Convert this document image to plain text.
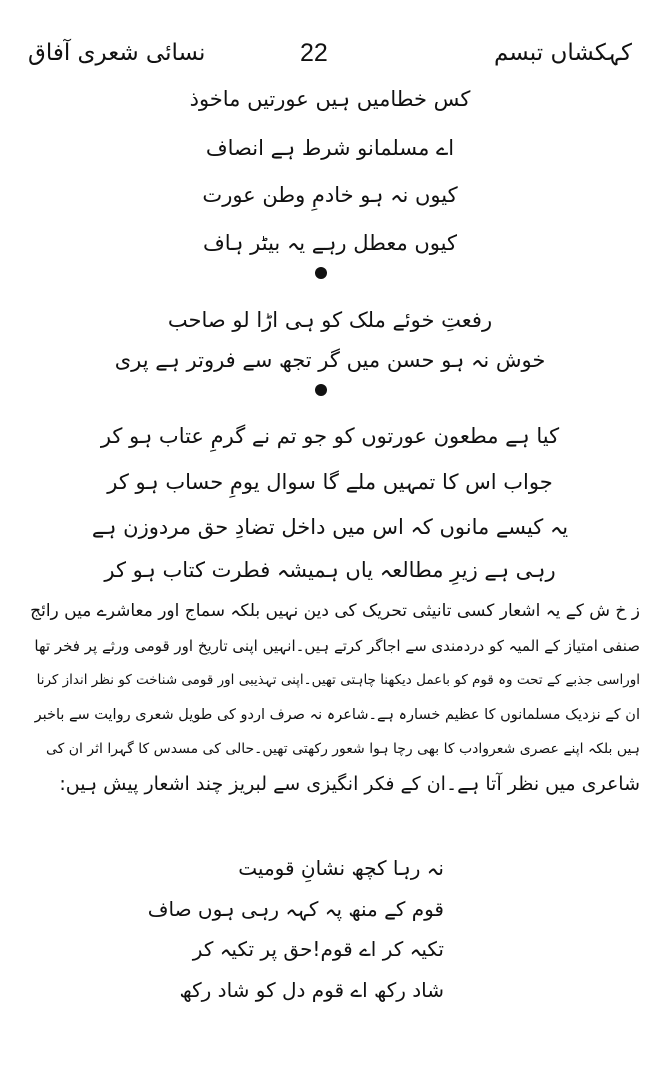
کہکشاں تبسم
22
نسائی شعری آفاق
کس خطامیں ہیں عورتیں ماخوذ
اے مسلمانو شرط ہے انصاف
کیوں نہ ہو خادمِ وطن عورت
کیوں معطل رہے یہ بیٹر ہاف
رفعتِ خوئے ملک کو ہی اڑا لو صاحب
خوش نہ ہو حسن میں گر تجھ سے فروتر ہے پری
کیا ہے مطعون عورتوں کو جو تم نے گرمِ عتاب ہو کر
جواب اس کا تمہیں ملے گا سوال یومِ حساب ہو کر
یہ کیسے مانوں کہ اس میں داخل تضادِ حق مردوزن ہے
رہی ہے زیرِ مطالعہ یاں ہمیشہ فطرت کتاب ہو کر
ز خ ش کے یہ اشعار کسی تانیثی تحریک کی دین نہیں بلکہ سماج اور معاشرے میں رائج
صنفی امتیاز کے المیہ کو دردمندی سے اجاگر کرتے ہیں۔انہیں اپنی تاریخ اور قومی ورثے پر فخر تھا
اوراسی جذبے کے تحت وہ قوم کو باعمل دیکھنا چاہتی تھیں۔اپنی تہذیبی اور قومی شناخت کو نظر انداز کرنا
ان کے نزدیک مسلمانوں کا عظیم خسارہ ہے۔شاعرہ نہ صرف اردو کی طویل شعری روایت سے باخبر
ہیں بلکہ اپنے عصری شعروادب کا بھی رچا ہوا شعور رکھتی تھیں۔حالی کی مسدس کا گہرا اثر ان کی
شاعری میں نظر آتا ہے۔ان کے فکر انگیزی سے لبریز چند اشعار پیش ہیں:
نہ رہا کچھ نشانِ قومیت
قوم کے منھ پہ کہہ رہی ہوں صاف
تکیہ کر اے قوم!حق پر تکیہ کر
شاد رکھ اے قوم دل کو شاد رکھ
